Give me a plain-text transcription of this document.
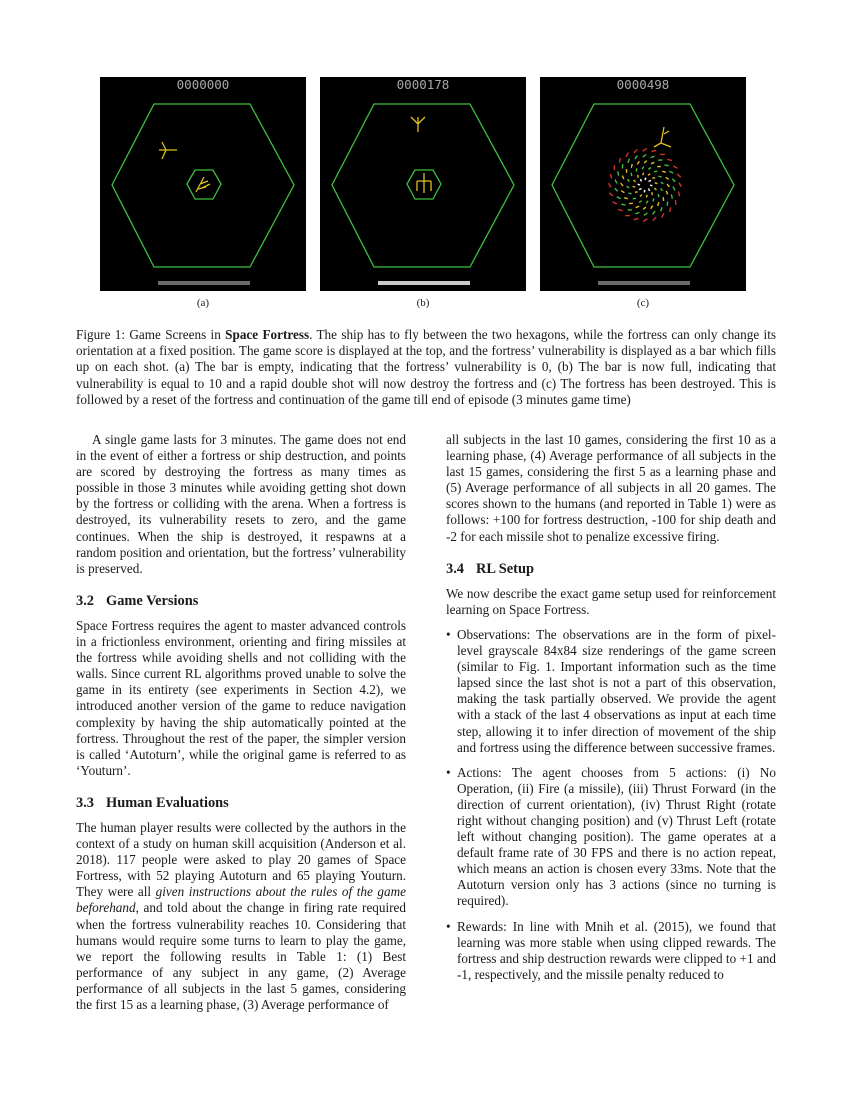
0000000	0000178	0000498
(a)	(b)	(c)

Figure 1: Game Screens in Space Fortress. The ship has to fly between the two hexagons, while the fortress can only change its orientation at a fixed position. The game score is displayed at the top, and the fortress’ vulnerability is displayed as a bar which fills up on each shot. (a) The bar is empty, indicating that the fortress’ vulnerability is 0, (b) The bar is now full, indicating that vulnerability is equal to 10 and a rapid double shot will now destroy the fortress and (c) The fortress has been destroyed. This is followed by a reset of the fortress and continuation of the game till end of episode (3 minutes game time)

A single game lasts for 3 minutes. The game does not end in the event of either a fortress or ship destruction, and points are scored by destroying the fortress as many times as possible in those 3 minutes while avoiding getting shot down by the fortress or colliding with the arena. When a fortress is destroyed, its vulnerability resets to zero, and the game continues. When the ship is destroyed, it respawns at a random position and orientation, but the fortress’ vulnerability is preserved.

3.2 Game Versions

Space Fortress requires the agent to master advanced controls in a frictionless environment, orienting and firing missiles at the fortress while avoiding shells and not colliding with the walls. Since current RL algorithms proved unable to solve the game in its entirety (see experiments in Section 4.2), we introduced another version of the game to reduce navigation complexity by having the ship automatically pointed at the fortress. Throughout the rest of the paper, the simpler version is called ‘Autoturn’, while the original game is referred to as ‘Youturn’.

3.3 Human Evaluations

The human player results were collected by the authors in the context of a study on human skill acquisition (Anderson et al. 2018). 117 people were asked to play 20 games of Space Fortress, with 52 playing Autoturn and 65 playing Youturn. They were all given instructions about the rules of the game beforehand, and told about the change in firing rate required when the fortress vulnerability reaches 10. Considering that humans would require some turns to learn to play the game, we report the following results in Table 1: (1) Best performance of any subject in any game, (2) Average performance of all subjects in the last 5 games, considering the first 15 as a learning phase, (3) Average performance of

all subjects in the last 10 games, considering the first 10 as a learning phase, (4) Average performance of all subjects in the last 15 games, considering the first 5 as a learning phase and (5) Average performance of all subjects in all 20 games. The scores shown to the humans (and reported in Table 1) were as follows: +100 for fortress destruction, -100 for ship death and -2 for each missile shot to penalize excessive firing.

3.4 RL Setup

We now describe the exact game setup used for reinforcement learning on Space Fortress.

• Observations: The observations are in the form of pixel-level grayscale 84x84 size renderings of the game screen (similar to Fig. 1. Important information such as the time lapsed since the last shot is not a part of this observation, making the task partially observed. We provide the agent with a stack of the last 4 observations as input at each time step, allowing it to infer direction of movement of the ship and fortress using the difference between successive frames.
• Actions: The agent chooses from 5 actions: (i) No Operation, (ii) Fire (a missile), (iii) Thrust Forward (in the direction of current orientation), (iv) Thrust Right (rotate right without changing position) and (v) Thrust Left (rotate left without changing position). The game operates at a default frame rate of 30 FPS and there is no action repeat, which means an action is chosen every 33ms. Note that the Autoturn version only has 3 actions (since no turning is required).
• Rewards: In line with Mnih et al. (2015), we found that learning was more stable when using clipped rewards. The fortress and ship destruction rewards were clipped to +1 and -1, respectively, and the missile penalty reduced to
